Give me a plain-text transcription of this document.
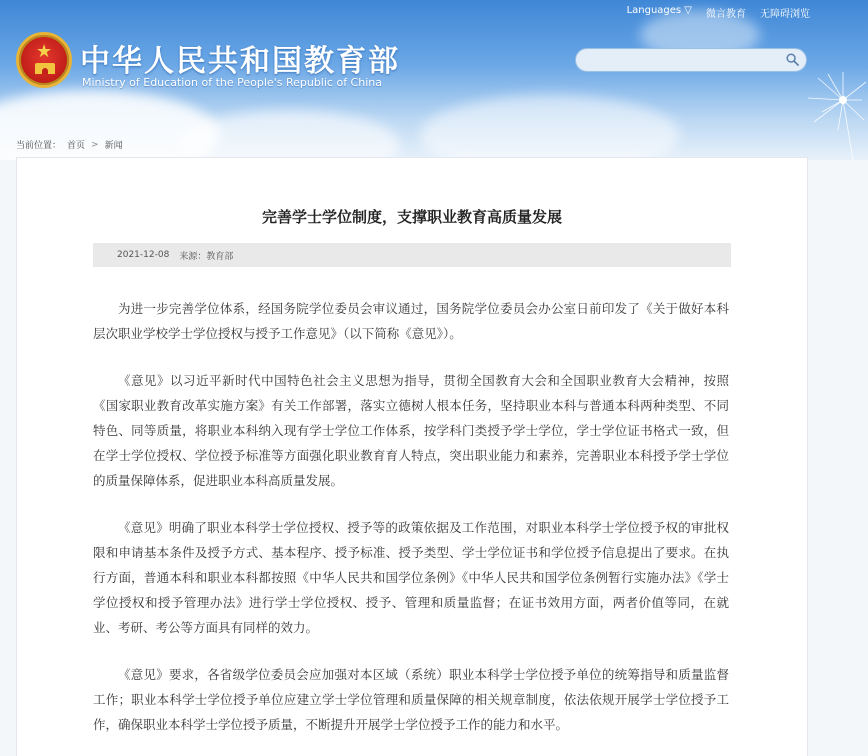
Languages ▽ 微言教育 无障碍浏览
★ 中华人民共和国教育部
Ministry of Education of the People's Republic of China
当前位置： 首页 > 新闻
完善学士学位制度，支撑职业教育高质量发展
2021-12-08 来源：教育部

为进一步完善学位体系，经国务院学位委员会审议通过，国务院学位委员会办公室日前印发了《关于做好本科层次职业学校学士学位授权与授予工作意见》（以下简称《意见》）。

《意见》以习近平新时代中国特色社会主义思想为指导，贯彻全国教育大会和全国职业教育大会精神，按照《国家职业教育改革实施方案》有关工作部署，落实立德树人根本任务，坚持职业本科与普通本科两种类型、不同特色、同等质量，将职业本科纳入现有学士学位工作体系，按学科门类授予学士学位，学士学位证书格式一致，但在学士学位授权、学位授予标准等方面强化职业教育育人特点，突出职业能力和素养，完善职业本科授予学士学位的质量保障体系，促进职业本科高质量发展。

《意见》明确了职业本科学士学位授权、授予等的政策依据及工作范围，对职业本科学士学位授予权的审批权限和申请基本条件及授予方式、基本程序、授予标准、授予类型、学士学位证书和学位授予信息提出了要求。在执行方面，普通本科和职业本科都按照《中华人民共和国学位条例》《中华人民共和国学位条例暂行实施办法》《学士学位授权和授予管理办法》进行学士学位授权、授予、管理和质量监督；在证书效用方面，两者价值等同，在就业、考研、考公等方面具有同样的效力。

《意见》要求，各省级学位委员会应加强对本区域（系统）职业本科学士学位授予单位的统筹指导和质量监督工作；职业本科学士学位授予单位应建立学士学位管理和质量保障的相关规章制度，依法依规开展学士学位授予工作，确保职业本科学士学位授予质量，不断提升开展学士学位授予工作的能力和水平。
